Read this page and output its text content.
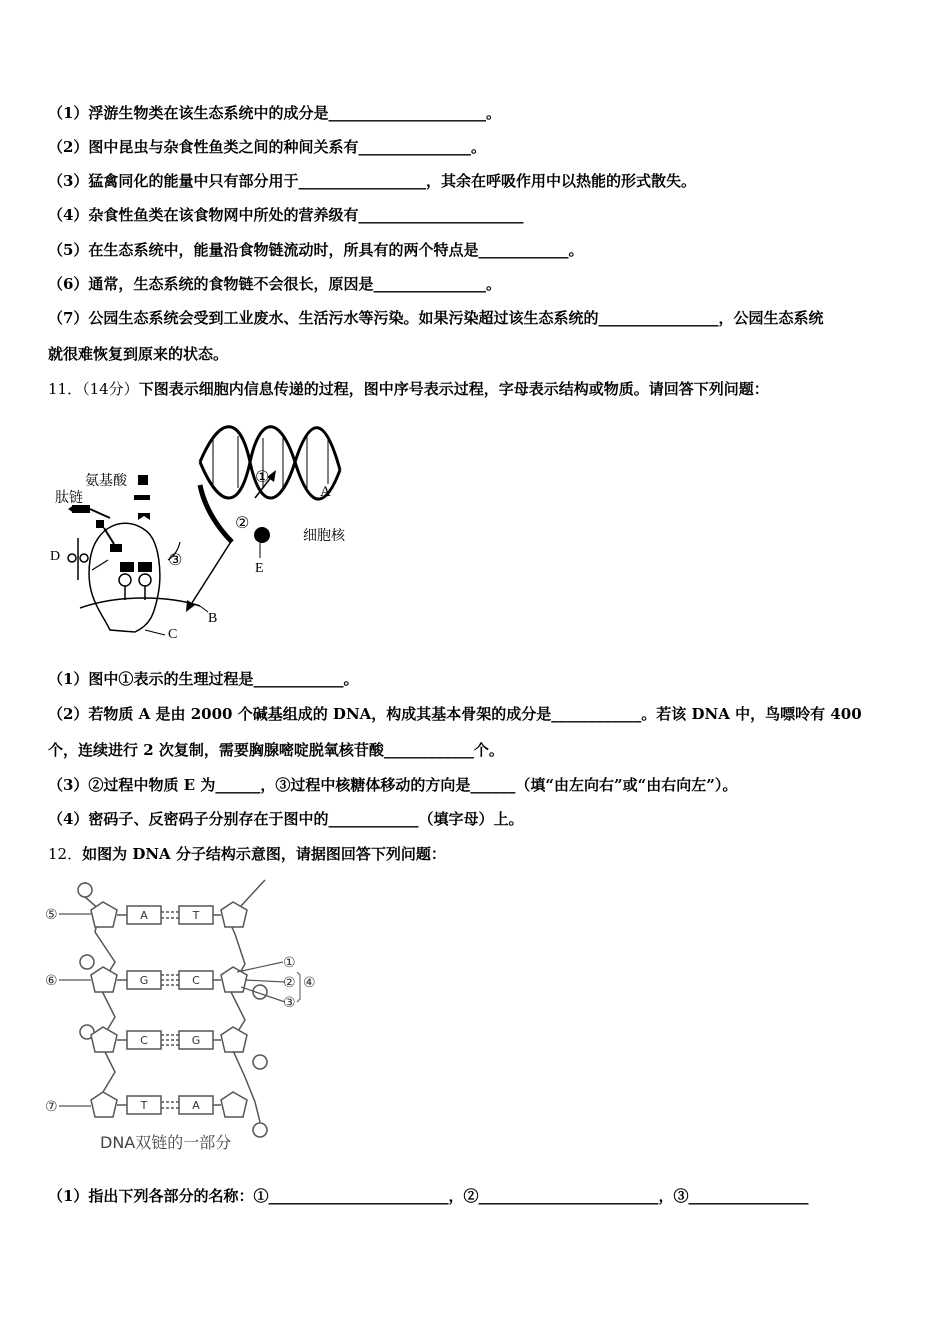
（1）浮游生物类在该生态系统中的成分是_____________________。
（2）图中昆虫与杂食性鱼类之间的种间关系有_______________。
（3）猛禽同化的能量中只有部分用于_________________，其余在呼吸作用中以热能的形式散失。
（4）杂食性鱼类在该食物网中所处的营养级有______________________
（5）在生态系统中，能量沿食物链流动时，所具有的两个特点是____________。
（6）通常，生态系统的食物链不会很长，原因是_______________。
（7）公园生态系统会受到工业废水、生活污水等污染。如果污染超过该生态系统的________________，公园生态系统
就很难恢复到原来的状态。
11．（14分）下图表示细胞内信息传递的过程，图中序号表示过程，字母表示结构或物质。请回答下列问题：
氨基酸
肽链
D
A
B
C
E
细胞核
①
②
③
（1）图中①表示的生理过程是____________。
（2）若物质 A 是由 2000 个碱基组成的 DNA，构成其基本骨架的成分是____________。若该 DNA 中，鸟嘌呤有 400
个，连续进行 2 次复制，需要胸腺嘧啶脱氧核苷酸____________个。
（3）②过程中物质 E 为______，③过程中核糖体移动的方向是______（填“由左向右”或“由右向左”）。
（4）密码子、反密码子分别存在于图中的____________（填字母）上。
12．如图为 DNA 分子结构示意图，请据图回答下列问题：
A	T
G	C
C	G
T	A
⑤
⑥
⑦
①
②
③
④
DNA双链的一部分
（1）指出下列各部分的名称：①________________________，②________________________，③________________
